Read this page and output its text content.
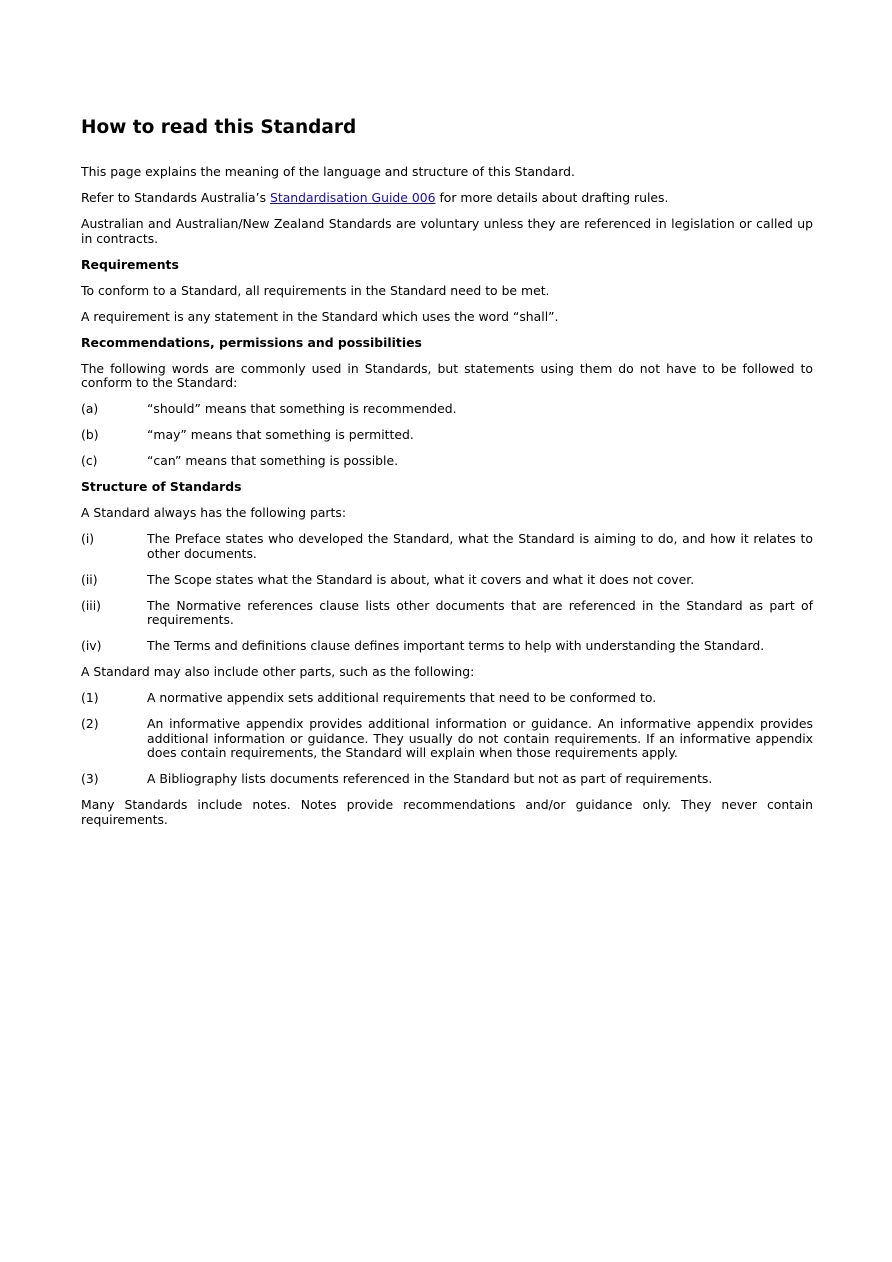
How to read this Standard

This page explains the meaning of the language and structure of this Standard.

Refer to Standards Australia’s Standardisation Guide 006 for more details about drafting rules.

Australian and Australian/New Zealand Standards are voluntary unless they are referenced in legislation or called up in contracts.

Requirements

To conform to a Standard, all requirements in the Standard need to be met.

A requirement is any statement in the Standard which uses the word “shall”.

Recommendations, permissions and possibilities

The following words are commonly used in Standards, but statements using them do not have to be followed to conform to the Standard:

(a)	“should” means that something is recommended.
(b)	“may” means that something is permitted.
(c)	“can” means that something is possible.
Structure of Standards

A Standard always has the following parts:

(i)	The Preface states who developed the Standard, what the Standard is aiming to do, and how it relates to other documents.
(ii)	The Scope states what the Standard is about, what it covers and what it does not cover.
(iii)	The Normative references clause lists other documents that are referenced in the Standard as part of requirements.
(iv)	The Terms and definitions clause defines important terms to help with understanding the Standard.

A Standard may also include other parts, such as the following:

(1)	A normative appendix sets additional requirements that need to be conformed to.
(2)	An informative appendix provides additional information or guidance. An informative appendix provides additional information or guidance. They usually do not contain requirements. If an informative appendix does contain requirements, the Standard will explain when those requirements apply.
(3)	A Bibliography lists documents referenced in the Standard but not as part of requirements.

Many Standards include notes. Notes provide recommendations and/or guidance only. They never contain requirements.
